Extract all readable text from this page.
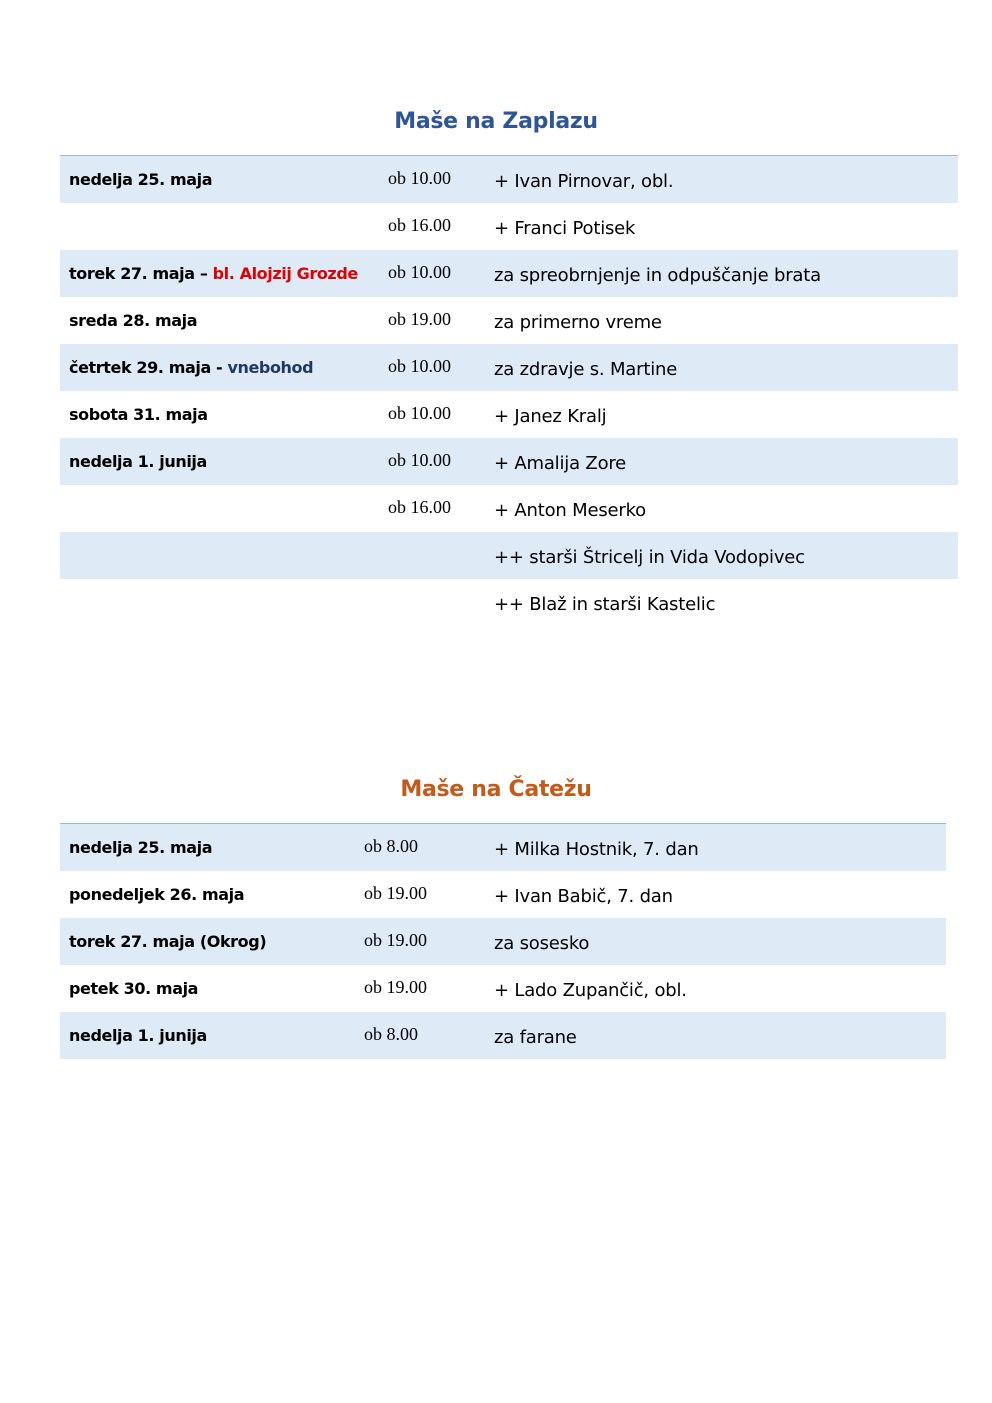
Maše na Zaplazu
nedelja 25. maja	ob 10.00	+ Ivan Pirnovar, obl.

	ob 16.00	+ Franci Potisek

torek 27. maja – bl. Alojzij Grozde	ob 10.00	za spreobrnjenje in odpuščanje brata

sreda 28. maja	ob 19.00	za primerno vreme

četrtek 29. maja - vnebohod	ob 10.00	za zdravje s. Martine

sobota 31. maja	ob 10.00	+ Janez Kralj

nedelja 1. junija	ob 10.00	+ Amalija Zore

	ob 16.00	+ Anton Meserko

		++ starši Štricelj in Vida Vodopivec

		++ Blaž in starši Kastelic
Maše na Čatežu
nedelja 25. maja	ob 8.00	+ Milka Hostnik, 7. dan

ponedeljek 26. maja	ob 19.00	+ Ivan Babič, 7. dan

torek 27. maja (Okrog)	ob 19.00	za sosesko

petek 30. maja	ob 19.00	+ Lado Zupančič, obl.

nedelja 1. junija	ob 8.00	za farane
